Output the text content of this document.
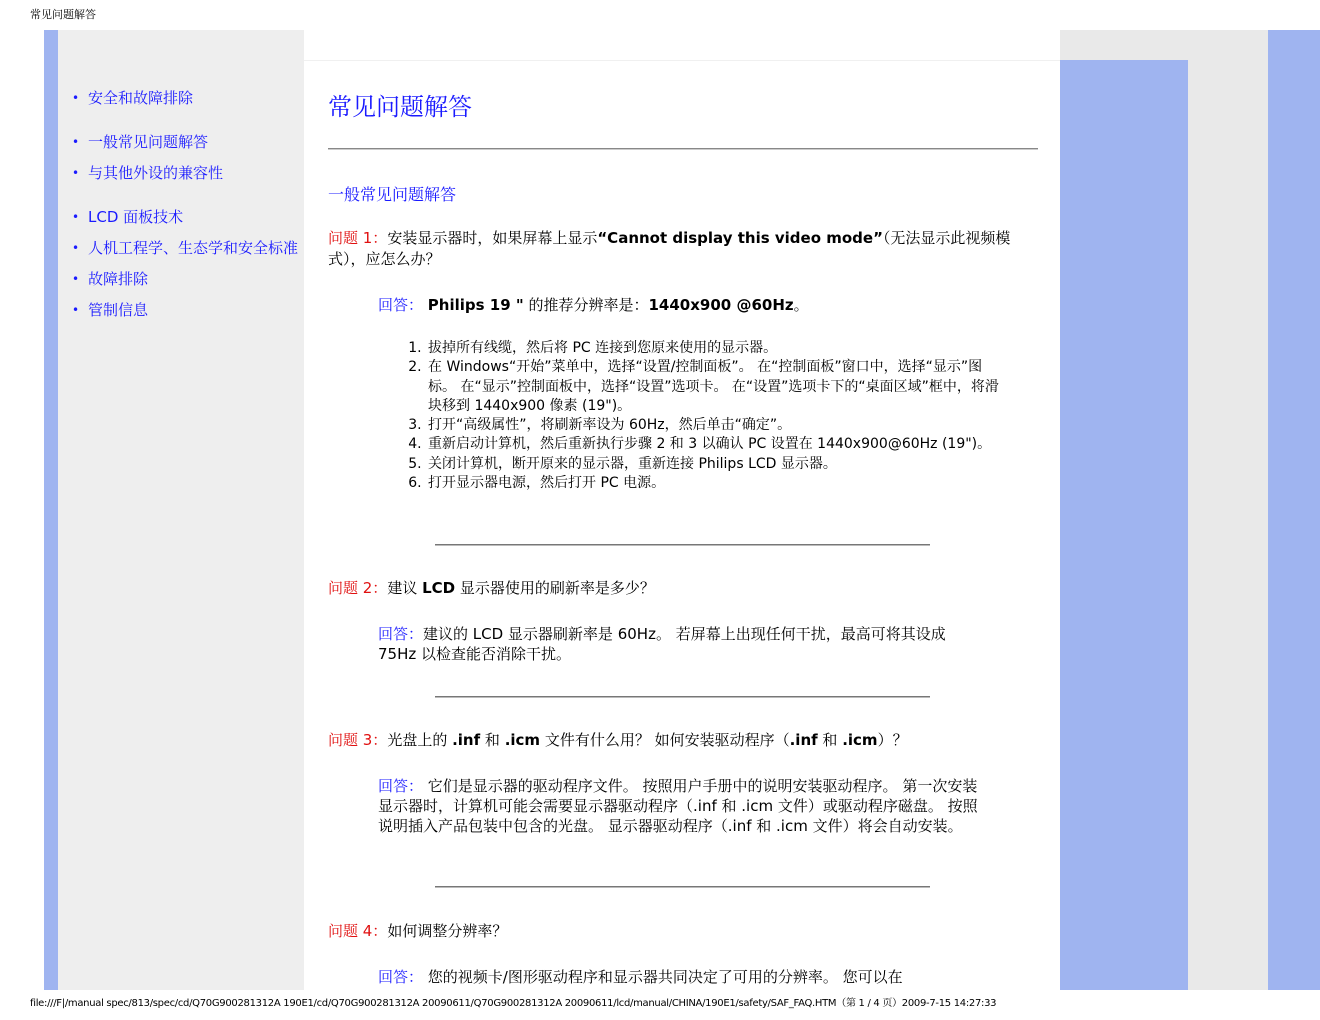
常见问题解答
• 安全和故障排除
• 一般常见问题解答
• 与其他外设的兼容性
• LCD 面板技术
• 人机工程学、生态学和安全标准
• 故障排除
• 管制信息
常见问题解答
一般常见问题解答
问题 1：安装显示器时，如果屏幕上显示“Cannot display this video mode”（无法显示此视频模式），应怎么办？
回答： Philips 19 " 的推荐分辨率是：1440x900 @60Hz。
1. 拔掉所有线缆，然后将 PC 连接到您原来使用的显示器。
2. 在 Windows“开始”菜单中，选择“设置/控制面板”。 在“控制面板”窗口中，选择“显示”图标。 在“显示”控制面板中，选择“设置”选项卡。 在“设置”选项卡下的“桌面区域”框中，将滑块移到 1440x900 像素 (19")。
3. 打开“高级属性”，将刷新率设为 60Hz，然后单击“确定”。
4. 重新启动计算机，然后重新执行步骤 2 和 3 以确认 PC 设置在 1440x900@60Hz (19")。
5. 关闭计算机，断开原来的显示器，重新连接 Philips LCD 显示器。
6. 打开显示器电源，然后打开 PC 电源。
问题 2：建议 LCD 显示器使用的刷新率是多少？
回答：建议的 LCD 显示器刷新率是 60Hz。 若屏幕上出现任何干扰，最高可将其设成 75Hz 以检查能否消除干扰。
问题 3：光盘上的 .inf 和 .icm 文件有什么用？ 如何安装驱动程序（.inf 和 .icm）？
回答： 它们是显示器的驱动程序文件。 按照用户手册中的说明安装驱动程序。 第一次安装显示器时，计算机可能会需要显示器驱动程序（.inf 和 .icm 文件）或驱动程序磁盘。 按照说明插入产品包装中包含的光盘。 显示器驱动程序（.inf 和 .icm 文件）将会自动安装。
问题 4：如何调整分辨率？
回答： 您的视频卡/图形驱动程序和显示器共同决定了可用的分辨率。 您可以在
file:///F|/manual spec/813/spec/cd/Q70G900281312A 190E1/cd/Q70G900281312A 20090611/Q70G900281312A 20090611/lcd/manual/CHINA/190E1/safety/SAF_FAQ.HTM（第 1 / 4 页）2009-7-15 14:27:33
